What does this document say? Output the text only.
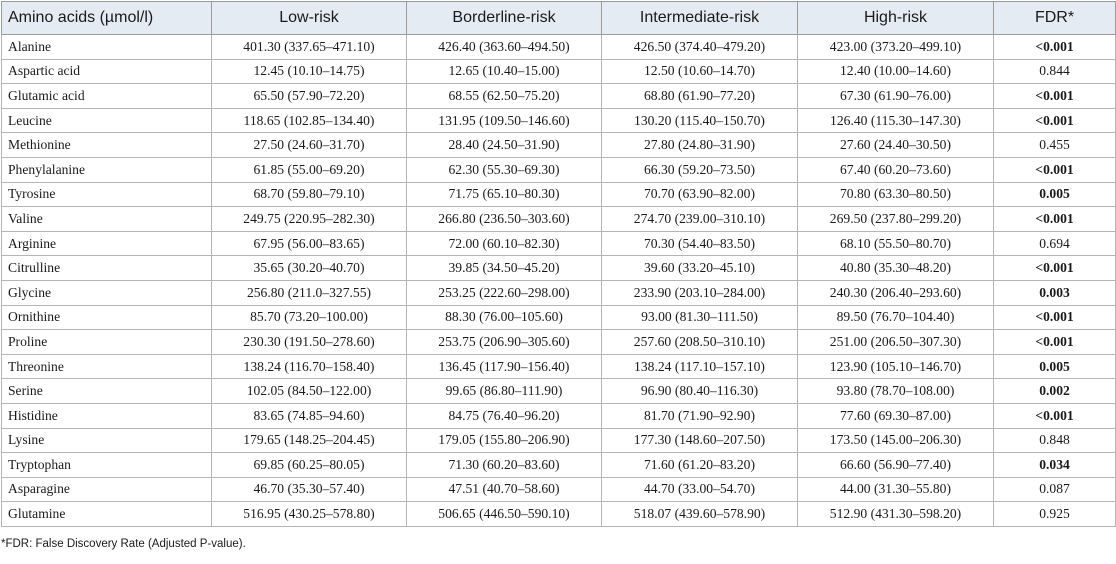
Amino acids (µmol/l)	Low-risk	Borderline-risk	Intermediate-risk	High-risk	FDR*
Alanine	401.30 (337.65–471.10)	426.40 (363.60–494.50)	426.50 (374.40–479.20)	423.00 (373.20–499.10)	<0.001
Aspartic acid	12.45 (10.10–14.75)	12.65 (10.40–15.00)	12.50 (10.60–14.70)	12.40 (10.00–14.60)	0.844
Glutamic acid	65.50 (57.90–72.20)	68.55 (62.50–75.20)	68.80 (61.90–77.20)	67.30 (61.90–76.00)	<0.001
Leucine	118.65 (102.85–134.40)	131.95 (109.50–146.60)	130.20 (115.40–150.70)	126.40 (115.30–147.30)	<0.001
Methionine	27.50 (24.60–31.70)	28.40 (24.50–31.90)	27.80 (24.80–31.90)	27.60 (24.40–30.50)	0.455
Phenylalanine	61.85 (55.00–69.20)	62.30 (55.30–69.30)	66.30 (59.20–73.50)	67.40 (60.20–73.60)	<0.001
Tyrosine	68.70 (59.80–79.10)	71.75 (65.10–80.30)	70.70 (63.90–82.00)	70.80 (63.30–80.50)	0.005
Valine	249.75 (220.95–282.30)	266.80 (236.50–303.60)	274.70 (239.00–310.10)	269.50 (237.80–299.20)	<0.001
Arginine	67.95 (56.00–83.65)	72.00 (60.10–82.30)	70.30 (54.40–83.50)	68.10 (55.50–80.70)	0.694
Citrulline	35.65 (30.20–40.70)	39.85 (34.50–45.20)	39.60 (33.20–45.10)	40.80 (35.30–48.20)	<0.001
Glycine	256.80 (211.0–327.55)	253.25 (222.60–298.00)	233.90 (203.10–284.00)	240.30 (206.40–293.60)	0.003
Ornithine	85.70 (73.20–100.00)	88.30 (76.00–105.60)	93.00 (81.30–111.50)	89.50 (76.70–104.40)	<0.001
Proline	230.30 (191.50–278.60)	253.75 (206.90–305.60)	257.60 (208.50–310.10)	251.00 (206.50–307.30)	<0.001
Threonine	138.24 (116.70–158.40)	136.45 (117.90–156.40)	138.24 (117.10–157.10)	123.90 (105.10–146.70)	0.005
Serine	102.05 (84.50–122.00)	99.65 (86.80–111.90)	96.90 (80.40–116.30)	93.80 (78.70–108.00)	0.002
Histidine	83.65 (74.85–94.60)	84.75 (76.40–96.20)	81.70 (71.90–92.90)	77.60 (69.30–87.00)	<0.001
Lysine	179.65 (148.25–204.45)	179.05 (155.80–206.90)	177.30 (148.60–207.50)	173.50 (145.00–206.30)	0.848
Tryptophan	69.85 (60.25–80.05)	71.30 (60.20–83.60)	71.60 (61.20–83.20)	66.60 (56.90–77.40)	0.034
Asparagine	46.70 (35.30–57.40)	47.51 (40.70–58.60)	44.70 (33.00–54.70)	44.00 (31.30–55.80)	0.087
Glutamine	516.95 (430.25–578.80)	506.65 (446.50–590.10)	518.07 (439.60–578.90)	512.90 (431.30–598.20)	0.925
*FDR: False Discovery Rate (Adjusted P-value).
